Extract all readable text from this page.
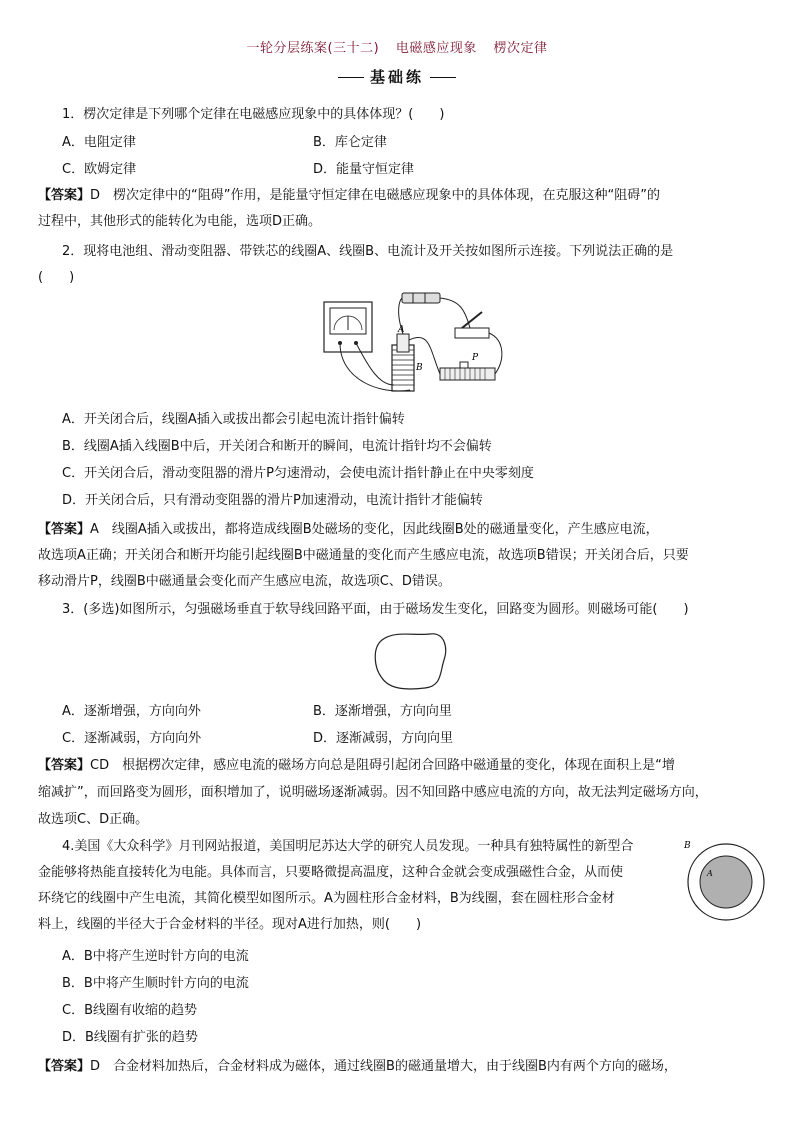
一轮分层练案(三十二) 电磁感应现象 楞次定律
基础练
1．楞次定律是下列哪个定律在电磁感应现象中的具体体现？(　　)
A．电阻定律	B．库仑定律
C．欧姆定律	D．能量守恒定律
【答案】D　楞次定律中的“阻碍”作用，是能量守恒定律在电磁感应现象中的具体体现，在克服这种“阻碍”的
过程中，其他形式的能转化为电能，选项D正确。
2．现将电池组、滑动变阻器、带铁芯的线圈A、线圈B、电流计及开关按如图所示连接。下列说法正确的是
(　　)
A
B
P
A．开关闭合后，线圈A插入或拔出都会引起电流计指针偏转
B．线圈A插入线圈B中后，开关闭合和断开的瞬间，电流计指针均不会偏转
C．开关闭合后，滑动变阻器的滑片P匀速滑动，会使电流计指针静止在中央零刻度
D．开关闭合后，只有滑动变阻器的滑片P加速滑动，电流计指针才能偏转
【答案】A　线圈A插入或拔出，都将造成线圈B处磁场的变化，因此线圈B处的磁通量变化，产生感应电流，
故选项A正确；开关闭合和断开均能引起线圈B中磁通量的变化而产生感应电流，故选项B错误；开关闭合后，只要
移动滑片P，线圈B中磁通量会变化而产生感应电流，故选项C、D错误。
3．(多选)如图所示，匀强磁场垂直于软导线回路平面，由于磁场发生变化，回路变为圆形。则磁场可能(　　)
A．逐渐增强，方向向外	B．逐渐增强，方向向里
C．逐渐减弱，方向向外	D．逐渐减弱，方向向里
【答案】CD　根据楞次定律，感应电流的磁场方向总是阻碍引起闭合回路中磁通量的变化，体现在面积上是“增
缩减扩”，而回路变为圆形，面积增加了，说明磁场逐渐减弱。因不知回路中感应电流的方向，故无法判定磁场方向，
故选项C、D正确。
4.美国《大众科学》月刊网站报道，美国明尼苏达大学的研究人员发现。一种具有独特属性的新型合
金能够将热能直接转化为电能。具体而言，只要略微提高温度，这种合金就会变成强磁性合金，从而使
环绕它的线圈中产生电流，其简化模型如图所示。A为圆柱形合金材料，B为线圈，套在圆柱形合金材
料上，线圈的半径大于合金材料的半径。现对A进行加热，则(　　)
B
A
A．B中将产生逆时针方向的电流
B．B中将产生顺时针方向的电流
C．B线圈有收缩的趋势
D．B线圈有扩张的趋势
【答案】D　合金材料加热后，合金材料成为磁体，通过线圈B的磁通量增大，由于线圈B内有两个方向的磁场，
